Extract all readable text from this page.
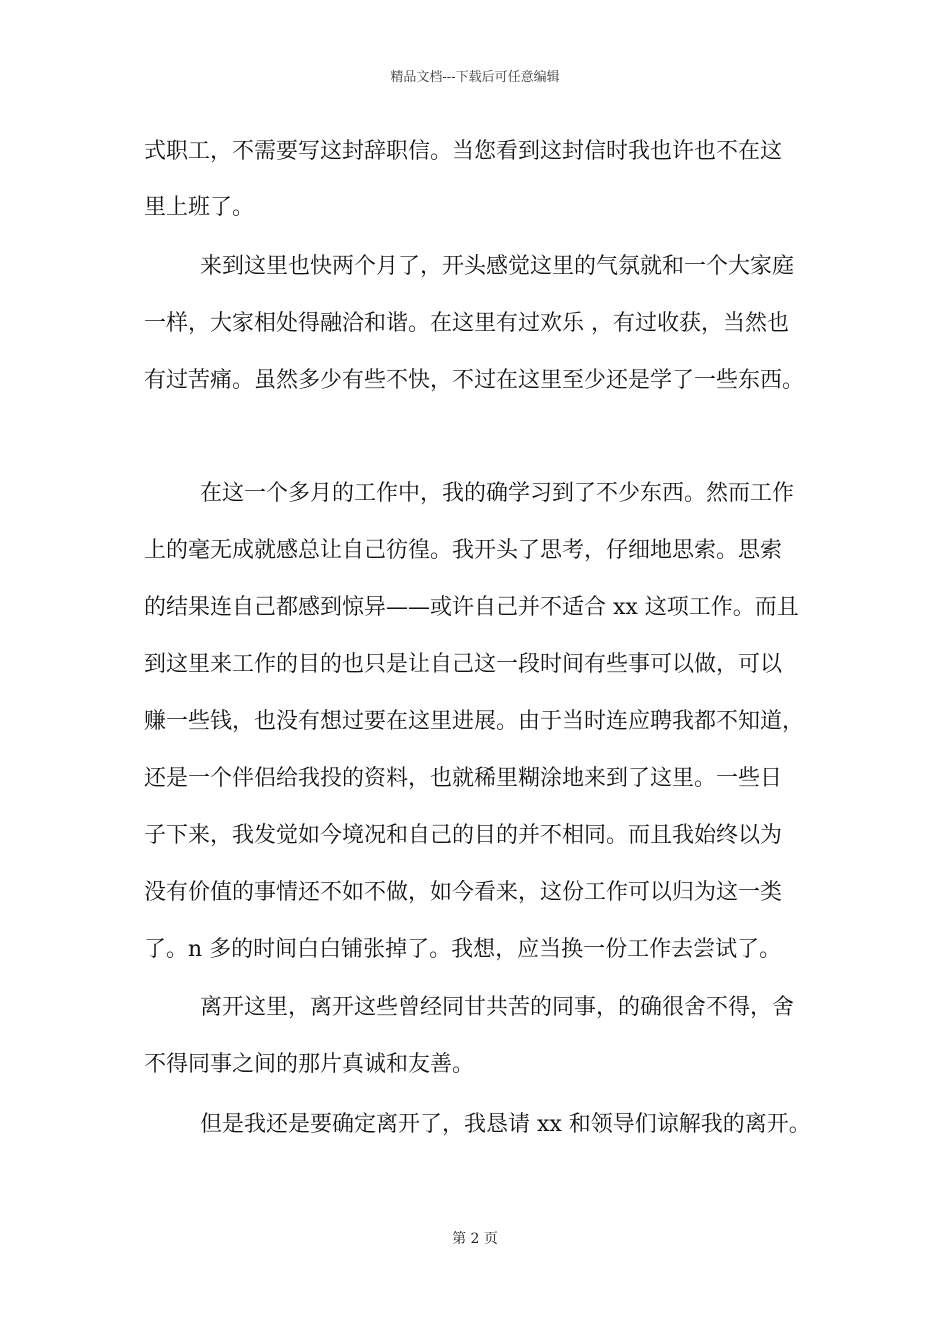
精品文档---下载后可任意编辑
式职工，不需要写这封辞职信。当您看到这封信时我也许也不在这
里上班了。
来到这里也快两个月了，开头感觉这里的气氛就和一个大家庭
一样，大家相处得融洽和谐。在这里有过欢乐 ，有过收获，当然也
有过苦痛。虽然多少有些不快，不过在这里至少还是学了一些东西。
在这一个多月的工作中，我的确学习到了不少东西。然而工作
上的毫无成就感总让自己彷徨。我开头了思考，仔细地思索。思索
的结果连自己都感到惊异——或许自己并不适合 xx 这项工作。而且
到这里来工作的目的也只是让自己这一段时间有些事可以做，可以
赚一些钱，也没有想过要在这里进展。由于当时连应聘我都不知道，
还是一个伴侣给我投的资料，也就稀里糊涂地来到了这里。一些日
子下来，我发觉如今境况和自己的目的并不相同。而且我始终以为
没有价值的事情还不如不做，如今看来，这份工作可以归为这一类
了。n 多的时间白白铺张掉了。我想，应当换一份工作去尝试了。
离开这里，离开这些曾经同甘共苦的同事，的确很舍不得，舍
不得同事之间的那片真诚和友善。
但是我还是要确定离开了，我恳请 xx 和领导们谅解我的离开。
第 2 页
